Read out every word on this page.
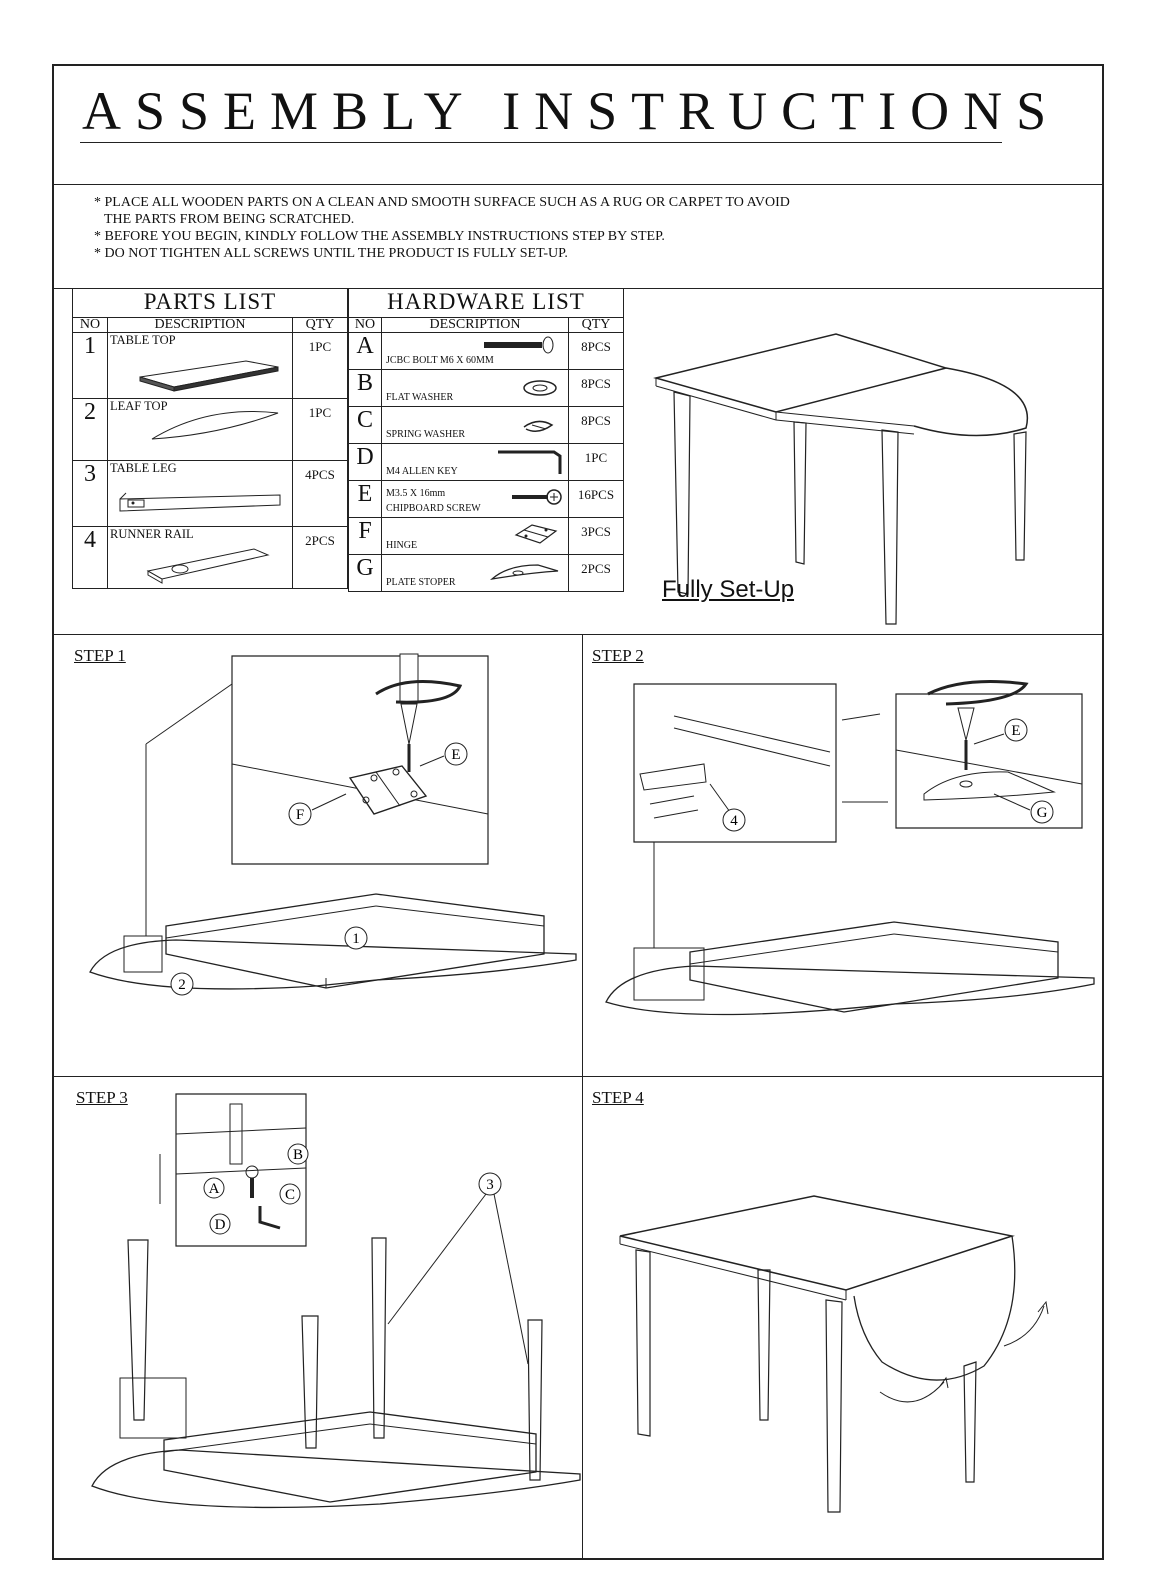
ASSEMBLY INSTRUCTIONS

* PLACE ALL WOODEN PARTS ON A CLEAN AND SMOOTH SURFACE SUCH AS A RUG OR CARPET TO AVOID

THE PARTS FROM BEING SCRATCHED.

* BEFORE YOU BEGIN, KINDLY FOLLOW THE ASSEMBLY INSTRUCTIONS STEP BY STEP.

* DO NOT TIGHTEN ALL SCREWS UNTIL THE PRODUCT IS FULLY SET-UP.

PARTS LIST		
NO	DESCRIPTION	QTY
1	TABLE TOP	1PC
2	LEAF TOP	1PC
3	TABLE LEG	4PCS
4	RUNNER RAIL	2PCS
HARDWARE LIST		
NO	DESCRIPTION	QTY
A	JCBC BOLT M6 X 60MM	8PCS
B	FLAT WASHER	8PCS
C	SPRING WASHER	8PCS
D	M4 ALLEN KEY	1PC
E	M3.5 X 16mm
CHIPBOARD SCREW	16PCS
F	HINGE	3PCS
G	PLATE STOPER	2PCS
Fully Set-Up
STEP 1
E
F
1
2
STEP 2
4
E
G
STEP 3
B
A	C
D
3
STEP 4
